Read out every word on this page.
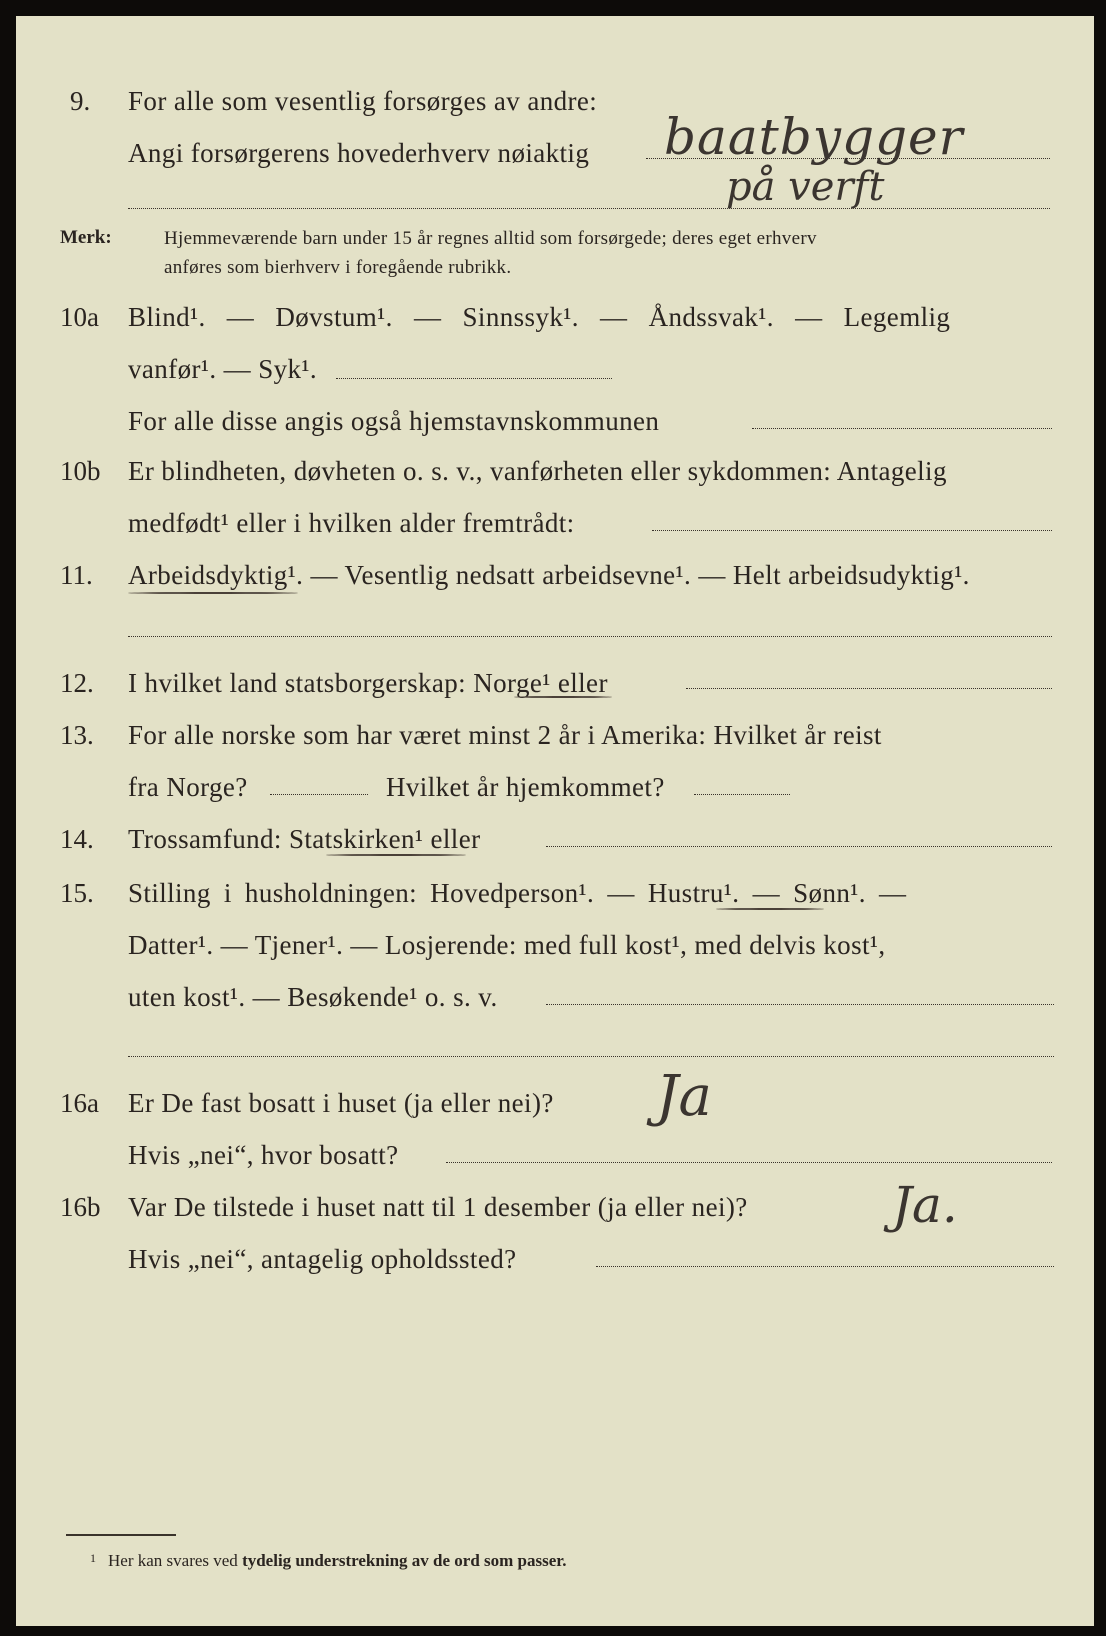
9. For alle som vesentlig forsørges av andre:
Angi forsørgerens hovederhverv nøiaktig baatbygger
på verft
Merk:	Hjemmeværende barn under 15 år regnes alltid som forsørgede; deres eget erhverv
anføres som bierhverv i foregående rubrikk.
10a Blind¹. — Døvstum¹. — Sinnssyk¹. — Åndssvak¹. — Legemlig
vanfør¹. — Syk¹.
For alle disse angis også hjemstavnskommunen
10b Er blindheten, døvheten o. s. v., vanførheten eller sykdommen: Antagelig
medfødt¹ eller i hvilken alder fremtrådt:
11. Arbeidsdyktig¹. — Vesentlig nedsatt arbeidsevne¹. — Helt arbeidsudyktig¹.
12. I hvilket land statsborgerskap: Norge¹ eller
13. For alle norske som har været minst 2 år i Amerika: Hvilket år reist
fra Norge?	Hvilket år hjemkommet?
14. Trossamfund: Statskirken¹ eller
15. Stilling i husholdningen: Hovedperson¹. — Hustru¹. — Sønn¹. —
Datter¹. — Tjener¹. — Losjerende: med full kost¹, med delvis kost¹,
uten kost¹. — Besøkende¹ o. s. v.
16a Er De fast bosatt i huset (ja eller nei)? Ja
Hvis „nei“, hvor bosatt?
16b Var De tilstede i huset natt til 1 desember (ja eller nei)?	Ja.
Hvis „nei“, antagelig opholdssted?
$^1$ Her kan svares ved tydelig understrekning av de ord som passer.
